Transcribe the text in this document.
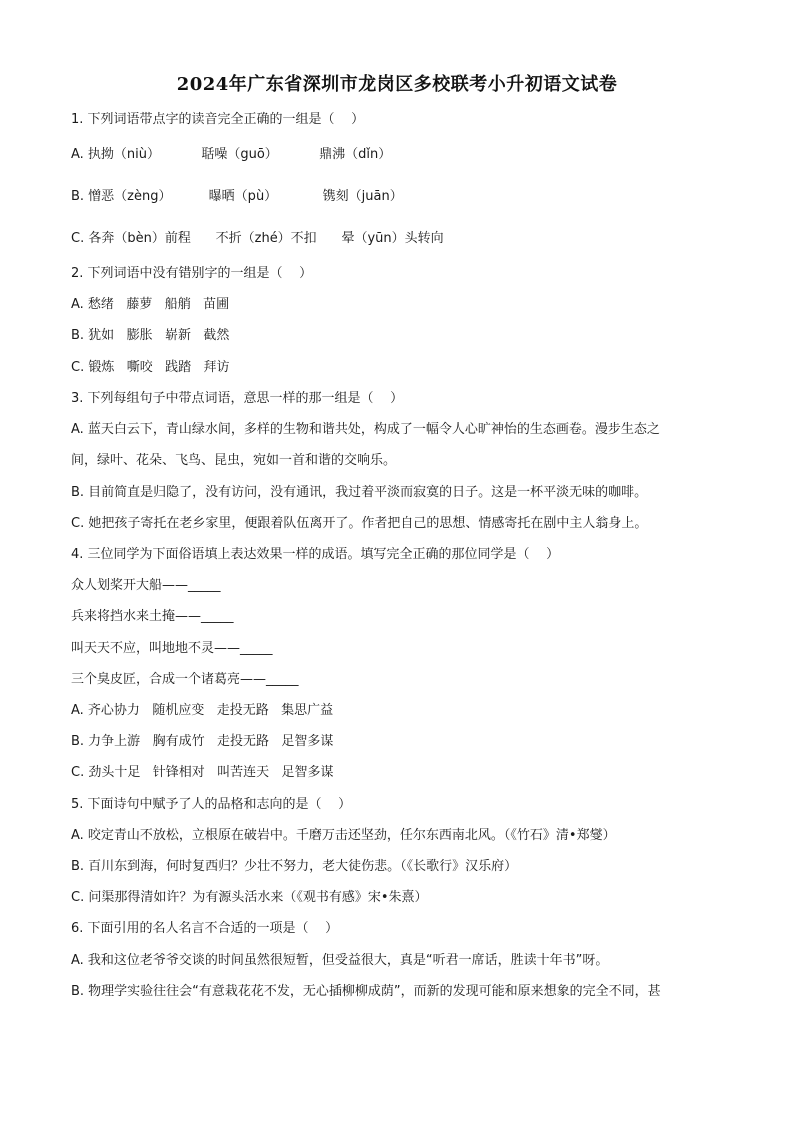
2024年广东省深圳市龙岗区多校联考小升初语文试卷
1. 下列词语带点字的读音完全正确的一组是（    ）
A. 执拗（niù）          聒噪（guō）          鼎沸（dǐn）
B. 憎恶（zèng）         曝晒（pù）           镌刻（juān）
C. 各奔（bèn）前程      不折（zhé）不扣      晕（yūn）头转向
2. 下列词语中没有错别字的一组是（    ）
A. 愁绪   藤萝   船艄   苗圃
B. 犹如   膨胀   崭新   截然
C. 锻炼   嘶咬   践踏   拜访
3. 下列每组句子中带点词语，意思一样的那一组是（    ）
A. 蓝天白云下，青山绿水间，多样的生物和谐共处，构成了一幅令人心旷神怡的生态画卷。漫步生态之
间，绿叶、花朵、飞鸟、昆虫，宛如一首和谐的交响乐。
B. 目前简直是归隐了，没有访问，没有通讯，我过着平淡而寂寞的日子。这是一杯平淡无味的咖啡。
C. 她把孩子寄托在老乡家里，便跟着队伍离开了。作者把自己的思想、情感寄托在剧中主人翁身上。
4. 三位同学为下面俗语填上表达效果一样的成语。填写完全正确的那位同学是（    ）
众人划桨开大船——_____
兵来将挡水来土掩——_____
叫天天不应，叫地地不灵——_____
三个臭皮匠，合成一个诸葛亮——_____
A. 齐心协力   随机应变   走投无路   集思广益
B. 力争上游   胸有成竹   走投无路   足智多谋
C. 劲头十足   针锋相对   叫苦连天   足智多谋
5. 下面诗句中赋予了人的品格和志向的是（    ）
A. 咬定青山不放松，立根原在破岩中。千磨万击还坚劲，任尔东西南北风。（《竹石》清•郑燮）
B. 百川东到海，何时复西归？少壮不努力，老大徒伤悲。（《长歌行》汉乐府）
C. 问渠那得清如许？为有源头活水来（《观书有感》宋•朱熹）
6. 下面引用的名人名言不合适的一项是（    ）
A. 我和这位老爷爷交谈的时间虽然很短暂，但受益很大，真是“听君一席话，胜读十年书”呀。
B. 物理学实验往往会“有意栽花花不发，无心插柳柳成荫”，而新的发现可能和原来想象的完全不同，甚
